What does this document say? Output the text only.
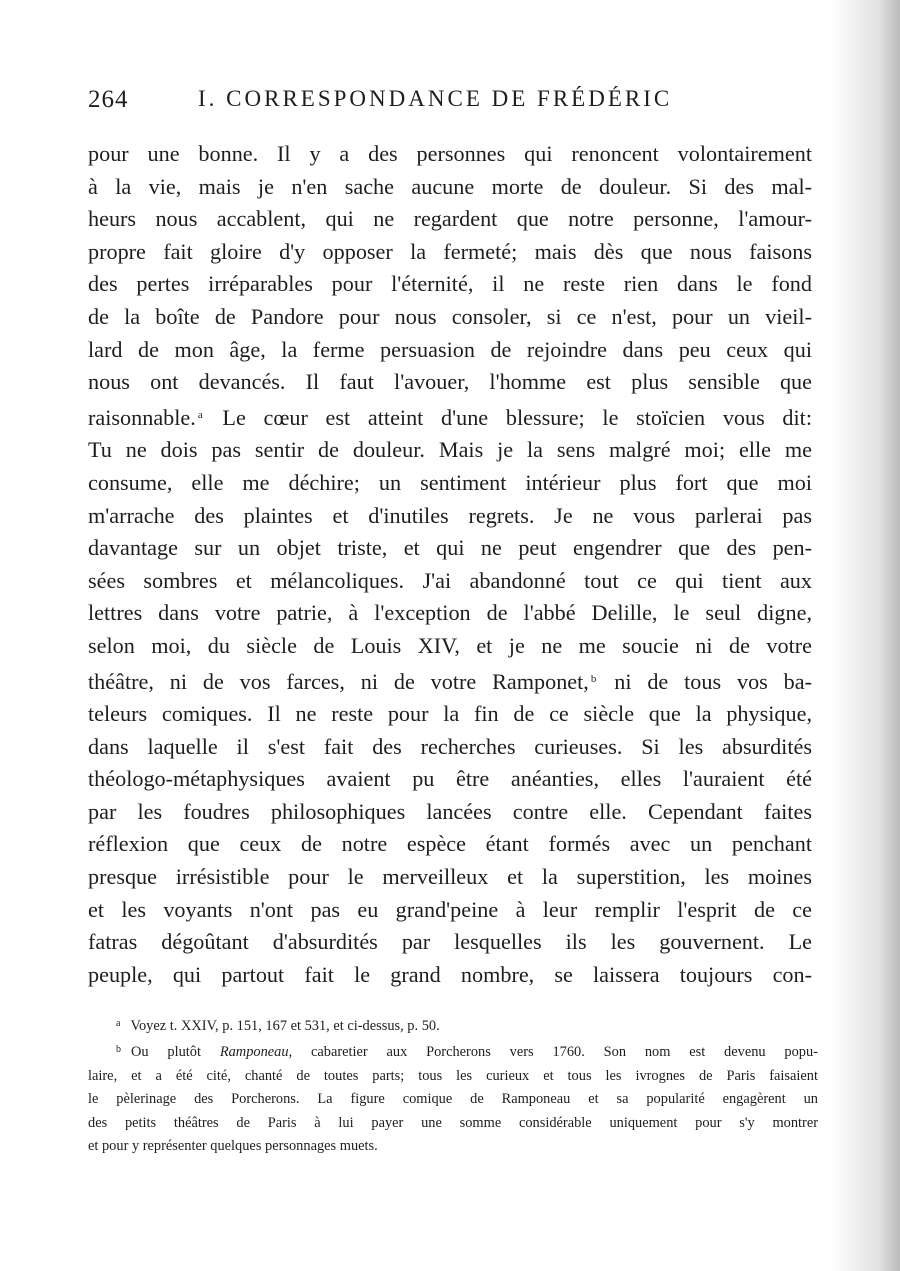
264	I. CORRESPONDANCE DE FRÉDÉRIC
pour une bonne. Il y a des personnes qui renoncent volontairement
à la vie, mais je n'en sache aucune morte de douleur. Si des mal-
heurs nous accablent, qui ne regardent que notre personne, l'amour-
propre fait gloire d'y opposer la fermeté; mais dès que nous faisons
des pertes irréparables pour l'éternité, il ne reste rien dans le fond
de la boîte de Pandore pour nous consoler, si ce n'est, pour un vieil-
lard de mon âge, la ferme persuasion de rejoindre dans peu ceux qui
nous ont devancés. Il faut l'avouer, l'homme est plus sensible que
raisonnable. $^a$ Le cœur est atteint d'une blessure; le stoïcien vous dit:
Tu ne dois pas sentir de douleur. Mais je la sens malgré moi; elle me
consume, elle me déchire; un sentiment intérieur plus fort que moi
m'arrache des plaintes et d'inutiles regrets. Je ne vous parlerai pas
davantage sur un objet triste, et qui ne peut engendrer que des pen-
sées sombres et mélancoliques. J'ai abandonné tout ce qui tient aux
lettres dans votre patrie, à l'exception de l'abbé Delille, le seul digne,
selon moi, du siècle de Louis XIV, et je ne me soucie ni de votre
théâtre, ni de vos farces, ni de votre Ramponet, $^b$ ni de tous vos ba-
teleurs comiques. Il ne reste pour la fin de ce siècle que la physique,
dans laquelle il s'est fait des recherches curieuses. Si les absurdités
théologo-métaphysiques avaient pu être anéanties, elles l'auraient été
par les foudres philosophiques lancées contre elle. Cependant faites
réflexion que ceux de notre espèce étant formés avec un penchant
presque irrésistible pour le merveilleux et la superstition, les moines
et les voyants n'ont pas eu grand'peine à leur remplir l'esprit de ce
fatras dégoûtant d'absurdités par lesquelles ils les gouvernent. Le
peuple, qui partout fait le grand nombre, se laissera toujours con-
$^a$ Voyez t. XXIV, p. 151, 167 et 531, et ci-dessus, p. 50.
$^b$ Ou plutôt Ramponeau, cabaretier aux Porcherons vers 1760. Son nom est devenu popu-
laire, et a été cité, chanté de toutes parts; tous les curieux et tous les ivrognes de Paris faisaient
le pèlerinage des Porcherons. La figure comique de Ramponeau et sa popularité engagèrent un
des petits théâtres de Paris à lui payer une somme considérable uniquement pour s'y montrer
et pour y représenter quelques personnages muets.
